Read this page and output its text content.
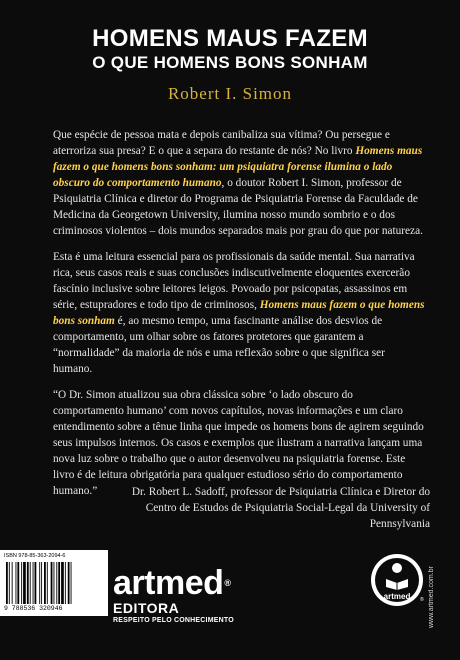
HOMENS MAUS FAZEM
O QUE HOMENS BONS SONHAM
Robert I. Simon

Que espécie de pessoa mata e depois canibaliza sua vítima? Ou persegue e aterroriza sua presa? E o que a separa do restante de nós? No livro Homens maus fazem o que homens bons sonham: um psiquiatra forense ilumina o lado obscuro do comportamento humano, o doutor Robert I. Simon, professor de Psiquiatria Clínica e diretor do Programa de Psiquiatria Forense da Faculdade de Medicina da Georgetown University, ilumina nosso mundo sombrio e o dos criminosos violentos – dois mundos separados mais por grau do que por natureza.

Esta é uma leitura essencial para os profissionais da saúde mental. Sua narrativa rica, seus casos reais e suas conclusões indiscutivelmente eloquentes exercerão fascínio inclusive sobre leitores leigos. Povoado por psicopatas, assassinos em série, estupradores e todo tipo de criminosos, Homens maus fazem o que homens bons sonham é, ao mesmo tempo, uma fascinante análise dos desvios de comportamento, um olhar sobre os fatores protetores que garantem a “normalidade” da maioria de nós e uma reflexão sobre o que significa ser humano.

“O Dr. Simon atualizou sua obra clássica sobre ‘o lado obscuro do comportamento humano’ com novos capítulos, novas informações e um claro entendimento sobre a tênue linha que impede os homens bons de agirem seguindo seus impulsos internos. Os casos e exemplos que ilustram a narrativa lançam uma nova luz sobre o trabalho que o autor desenvolveu na psiquiatria forense. Este livro é de leitura obrigatória para qualquer estudioso sério do comportamento humano.”	Dr. Robert L. Sadoff, professor de Psiquiatria Clínica e Diretor do Centro de Estudos de Psiquiatria Social-Legal da University of Pennsylvania

ISBN 978-85-363-2094-6
9 788536 320946
artmed®
EDITORA
RESPEITO PELO CONHECIMENTO
artmed ® www.artmed.com.br
